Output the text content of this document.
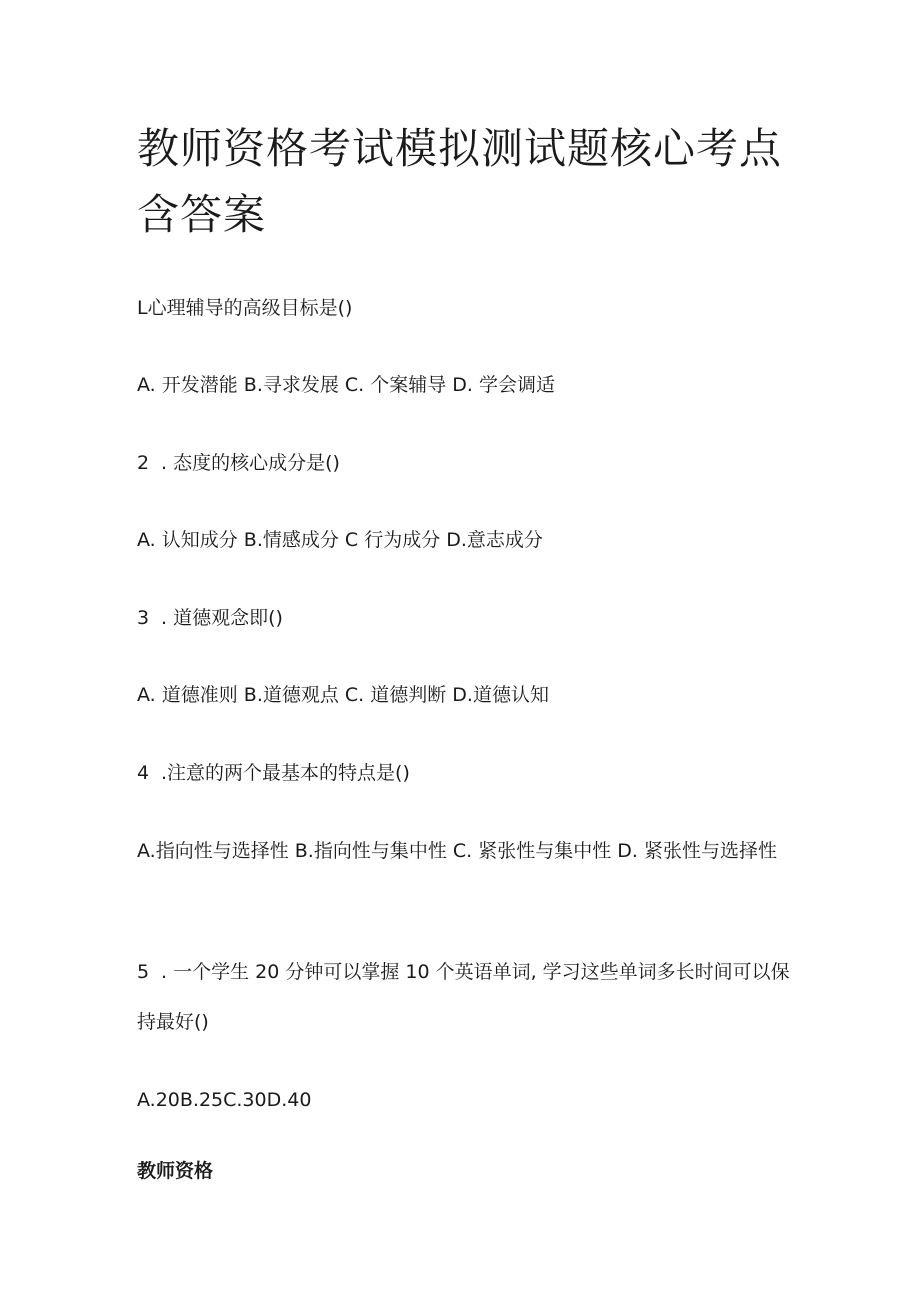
教师资格考试模拟测试题核心考点含答案

L心理辅导的高级目标是()

A. 开发潜能 B.寻求发展 C. 个案辅导 D. 学会调适

2 . 态度的核心成分是()

A. 认知成分 B.情感成分 C 行为成分 D.意志成分

3 . 道德观念即()

A. 道德准则 B.道德观点 C. 道德判断 D.道德认知

4 .注意的两个最基本的特点是()

A.指向性与选择性 B.指向性与集中性 C. 紧张性与集中性 D. 紧张性与选择性

5 . 一个学生 20 分钟可以掌握 10 个英语单词, 学习这些单词多长时间可以保持最好()

A.20B.25C.30D.40

教师资格
